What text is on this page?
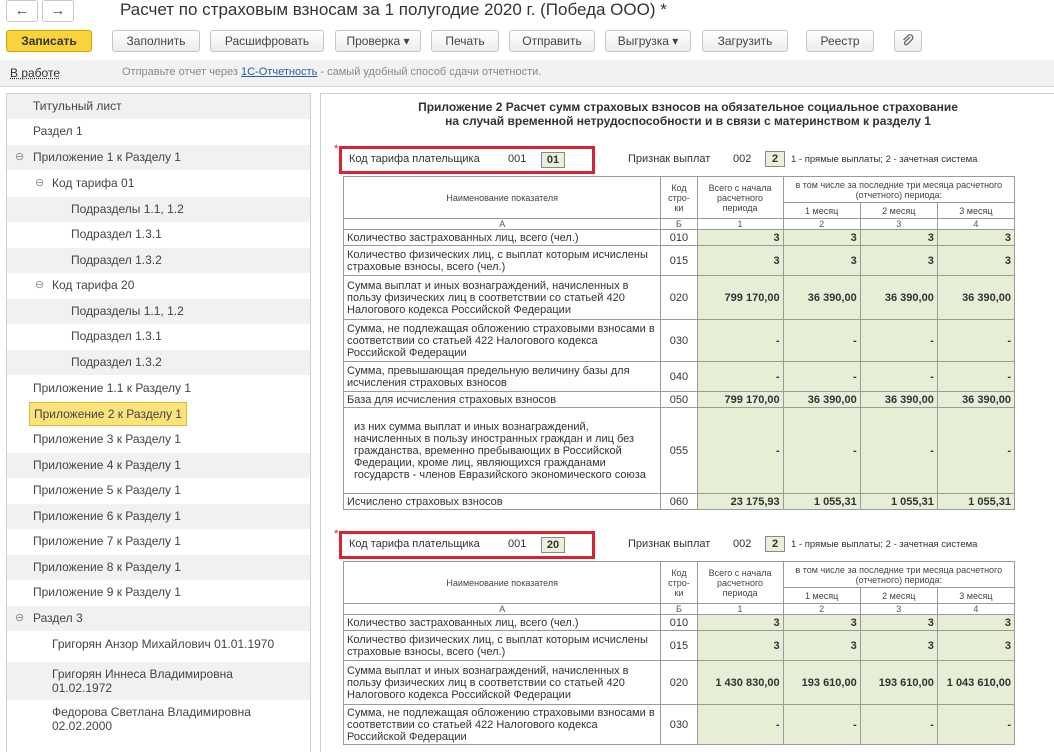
←	→	Расчет по страховым взносам за 1 полугодие 2020 г. (Победа ООО) *
Записать	Заполнить	Расшифровать	Проверка ▾	Печать	Отправить	Выгрузка ▾	Загрузить	Реестр
В работе	Отправьте отчет через 1С-Отчетность - самый удобный способ сдачи отчетности.
Титульный лист
Раздел 1
⊖ Приложение 1 к Разделу 1
⊖ Код тарифа 01
Подразделы 1.1, 1.2
Подраздел 1.3.1
Подраздел 1.3.2
⊖ Код тарифа 20
Подразделы 1.1, 1.2
Подраздел 1.3.1
Подраздел 1.3.2
Приложение 1.1 к Разделу 1
Приложение 2 к Разделу 1
Приложение 3 к Разделу 1
Приложение 4 к Разделу 1
Приложение 5 к Разделу 1
Приложение 6 к Разделу 1
Приложение 7 к Разделу 1
Приложение 8 к Разделу 1
Приложение 9 к Разделу 1
⊖ Раздел 3
Григорян Анзор Михайлович 01.01.1970
Григорян Иннеса Владимировна 01.02.1972
Федорова Светлана Владимировна 02.02.2000
Приложение 2 Расчет сумм страховых взносов на обязательное социальное страхование
на случай временной нетрудоспособности и в связи с материнством к разделу 1
*
Код тарифа плательщика	001	01	Признак выплат 002	2	1 - прямые выплаты; 2 - зачетная система
Наименование показателя	Код стро-ки	Всего с начала расчетного периода	в том числе за последние три месяца расчетного (отчетного) периода:		
			1 месяц	2 месяц	3 месяц
А	Б	1	2	3	4
Количество застрахованных лиц, всего (чел.)	010	3	3	3	3
Количество физических лиц, с выплат которым исчислены страховые взносы, всего (чел.)	015	3	3	3	3
Сумма выплат и иных вознаграждений, начисленных в пользу физических лиц в соответствии со статьей 420 Налогового кодекса Российской Федерации	020	799 170,00	36 390,00	36 390,00	36 390,00
Сумма, не подлежащая обложению страховыми взносами в соответствии со статьей 422 Налогового кодекса Российской Федерации	030	-	-	-	-
Сумма, превышающая предельную величину базы для исчисления страховых взносов	040	-	-	-	-
База для исчисления страховых взносов	050	799 170,00	36 390,00	36 390,00	36 390,00
из них сумма выплат и иных вознаграждений, начисленных в пользу иностранных граждан и лиц без гражданства, временно пребывающих в Российской Федерации, кроме лиц, являющихся гражданами государств - членов Евразийского экономического союза	055	-	-	-	-
Исчислено страховых взносов	060	23 175,93	1 055,31	1 055,31	1 055,31
*
Код тарифа плательщика	001	20	Признак выплат 002	2	1 - прямые выплаты; 2 - зачетная система
Наименование показателя	Код стро-ки	Всего с начала расчетного периода	в том числе за последние три месяца расчетного (отчетного) периода:		
			1 месяц	2 месяц	3 месяц
А	Б	1	2	3	4
Количество застрахованных лиц, всего (чел.)	010	3	3	3	3
Количество физических лиц, с выплат которым исчислены страховые взносы, всего (чел.)	015	3	3	3	3
Сумма выплат и иных вознаграждений, начисленных в пользу физических лиц в соответствии со статьей 420 Налогового кодекса Российской Федерации	020	1 430 830,00	193 610,00	193 610,00	1 043 610,00
Сумма, не подлежащая обложению страховыми взносами в соответствии со статьей 422 Налогового кодекса Российской Федерации	030	-	-	-	-
